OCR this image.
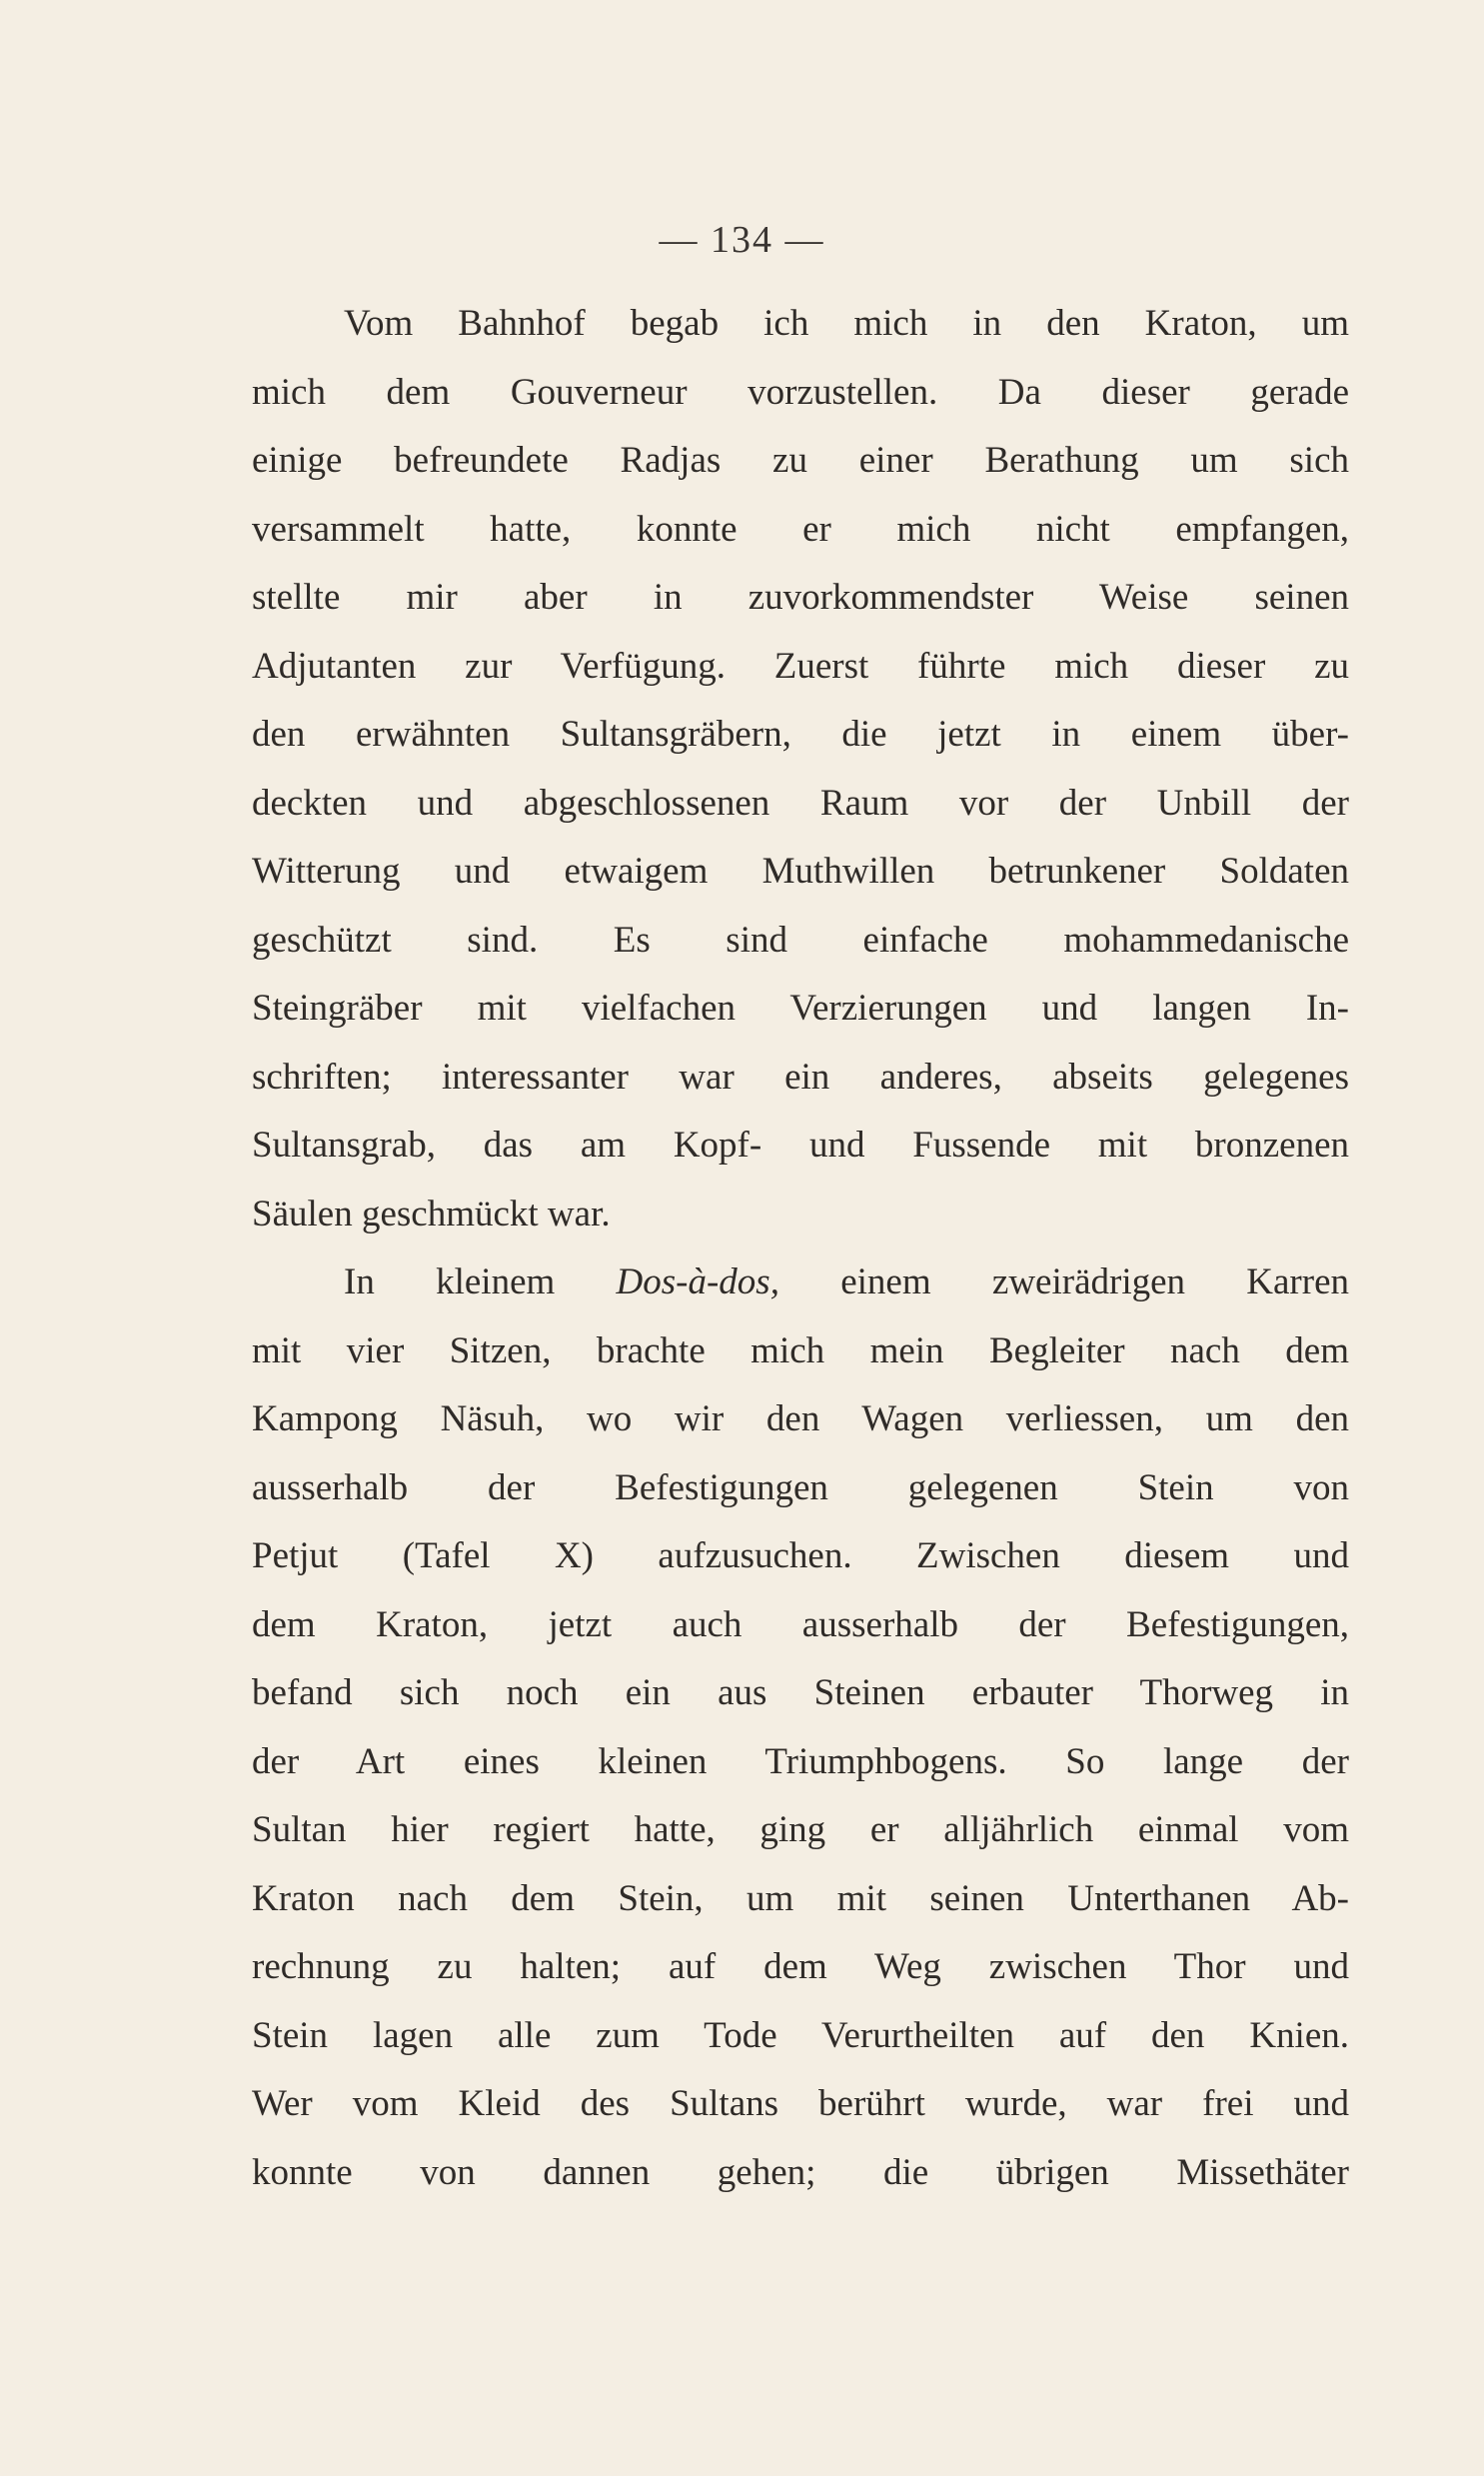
— 134 —
Vom Bahnhof begab ich mich in den Kraton, um
mich dem Gouverneur vorzustellen. Da dieser gerade
einige befreundete Radjas zu einer Berathung um sich
versammelt hatte, konnte er mich nicht empfangen,
stellte mir aber in zuvorkommendster Weise seinen
Adjutanten zur Verfügung. Zuerst führte mich dieser zu
den erwähnten Sultansgräbern, die jetzt in einem über-
deckten und abgeschlossenen Raum vor der Unbill der
Witterung und etwaigem Muthwillen betrunkener Soldaten
geschützt sind. Es sind einfache mohammedanische
Steingräber mit vielfachen Verzierungen und langen In-
schriften; interessanter war ein anderes, abseits gelegenes
Sultansgrab, das am Kopf- und Fussende mit bronzenen
Säulen geschmückt war.
In kleinem Dos-à-dos, einem zweirädrigen Karren
mit vier Sitzen, brachte mich mein Begleiter nach dem
Kampong Näsuh, wo wir den Wagen verliessen, um den
ausserhalb der Befestigungen gelegenen Stein von
Petjut (Tafel X) aufzusuchen. Zwischen diesem und
dem Kraton, jetzt auch ausserhalb der Befestigungen,
befand sich noch ein aus Steinen erbauter Thorweg in
der Art eines kleinen Triumphbogens. So lange der
Sultan hier regiert hatte, ging er alljährlich einmal vom
Kraton nach dem Stein, um mit seinen Unterthanen Ab-
rechnung zu halten; auf dem Weg zwischen Thor und
Stein lagen alle zum Tode Verurtheilten auf den Knien.
Wer vom Kleid des Sultans berührt wurde, war frei und
konnte von dannen gehen; die übrigen Missethäter
